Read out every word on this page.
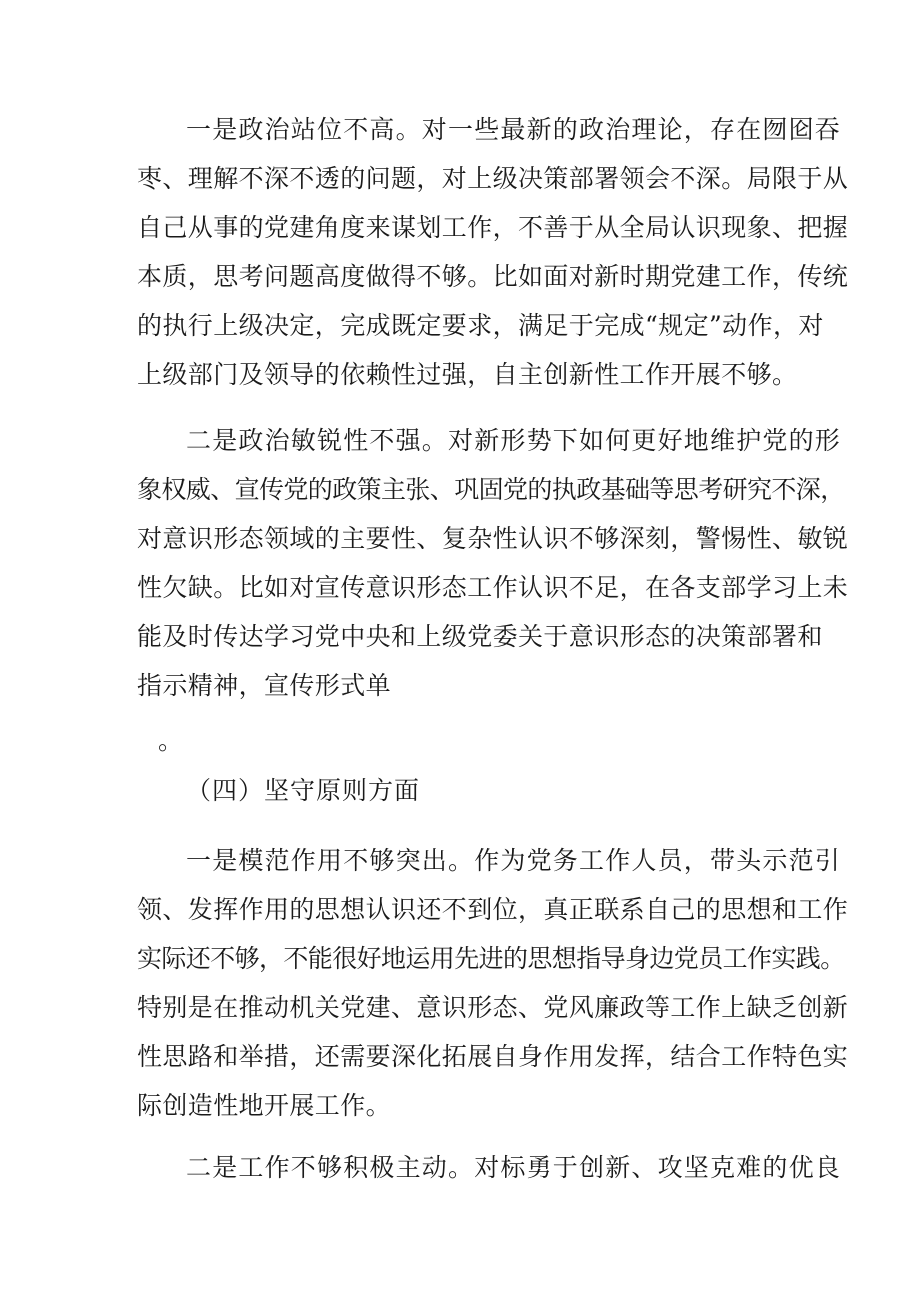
一是政治站位不高。对一些最新的政治理论，存在囫囵吞
枣、理解不深不透的问题，对上级决策部署领会不深。局限于从
自己从事的党建角度来谋划工作，不善于从全局认识现象、把握
本质，思考问题高度做得不够。比如面对新时期党建工作，传统
的执行上级决定，完成既定要求，满足于完成“规定”动作，对
上级部门及领导的依赖性过强，自主创新性工作开展不够。
二是政治敏锐性不强。对新形势下如何更好地维护党的形
象权威、宣传党的政策主张、巩固党的执政基础等思考研究不深，
对意识形态领域的主要性、复杂性认识不够深刻，警惕性、敏锐
性欠缺。比如对宣传意识形态工作认识不足，在各支部学习上未
能及时传达学习党中央和上级党委关于意识形态的决策部署和
指示精神，宣传形式单
。
（四）坚守原则方面
一是模范作用不够突出。作为党务工作人员，带头示范引
领、发挥作用的思想认识还不到位，真正联系自己的思想和工作
实际还不够，不能很好地运用先进的思想指导身边党员工作实践。
特别是在推动机关党建、意识形态、党风廉政等工作上缺乏创新
性思路和举措，还需要深化拓展自身作用发挥，结合工作特色实
际创造性地开展工作。
二是工作不够积极主动。对标勇于创新、攻坚克难的优良
